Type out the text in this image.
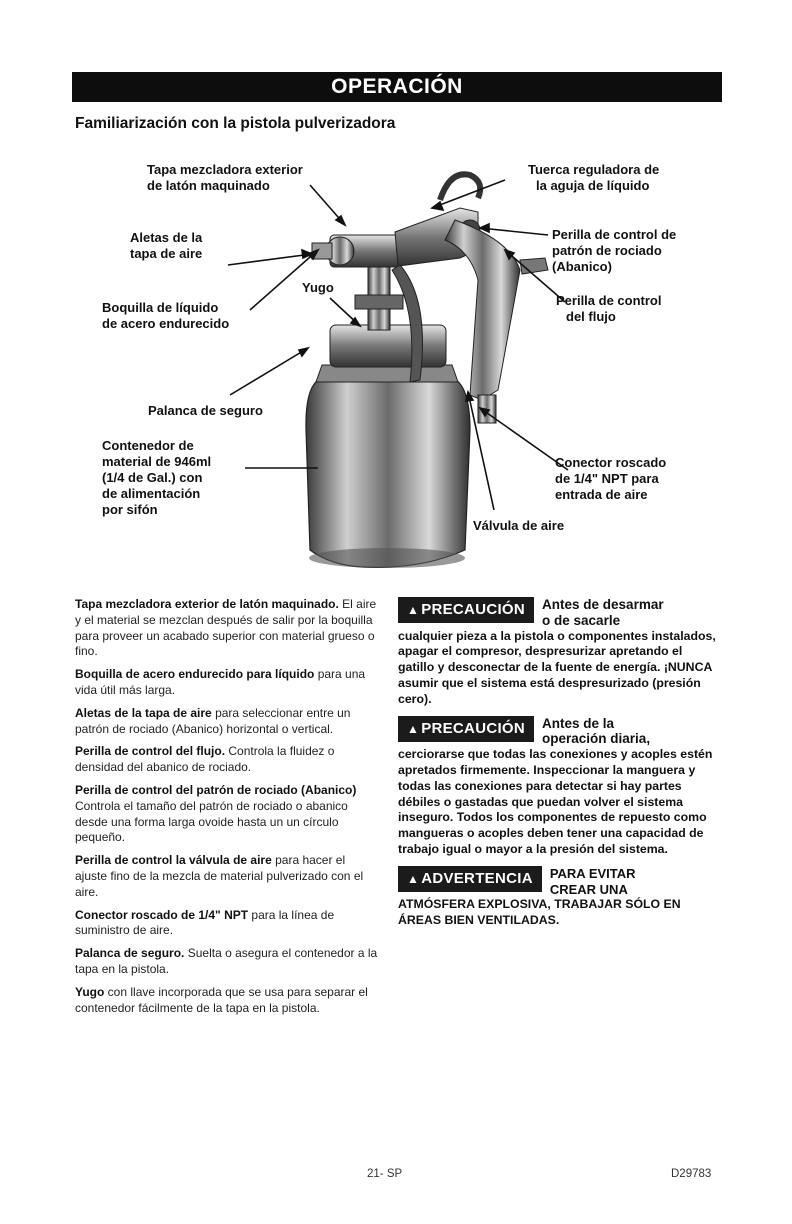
OPERACIÓN
Familiarización con la pistola pulverizadora
Tapa mezcladora exterior
de latón maquinado
Tuerca reguladora de
la aguja de líquido
Aletas de la
tapa de aire
Perilla de control de
patrón de rociado
(Abanico)
Yugo
Boquilla de líquido
de acero endurecido
Perilla de control
del flujo
Palanca de seguro
Contenedor de
material de 946ml
(1/4 de Gal.) con
de alimentación
por sifón
Conector roscado
de 1/4" NPT para
entrada de aire
Válvula de aire

Tapa mezcladora exterior de latón maquinado. El aire y el material se mezclan después de salir por la boquilla para proveer un acabado superior con material grueso o fino.

Boquilla de acero endurecido para líquido para una vida útil más larga.

Aletas de la tapa de aire para seleccionar entre un patrón de rociado (Abanico) horizontal o vertical.

Perilla de control del flujo. Controla la fluidez o densidad del abanico de rociado.

Perilla de control del patrón de rociado (Abanico) Controla el tamaño del patrón de rociado o abanico desde una forma larga ovoide hasta un un círculo pequeño.

Perilla de control la válvula de aire para hacer el ajuste fino de la mezcla de material pulverizado con el aire.

Conector roscado de 1/4" NPT para la línea de suministro de aire.

Palanca de seguro. Suelta o asegura el contenedor a la tapa en la pistola.

Yugo con llave incorporada que se usa para separar el contenedor fácilmente de la tapa en la pistola.

▲ PRECAUCIÓN	Antes de desarmar
o de sacarle
cualquier pieza a la pistola o componentes instalados, apagar el compresor, despresurizar apretando el gatillo y desconectar de la fuente de energía. ¡NUNCA asumir que el sistema está despresurizado (presión cero).
▲ PRECAUCIÓN	Antes de la
operación diaria,
cerciorarse que todas las conexiones y acoples estén apretados firmemente. Inspeccionar la manguera y todas las conexiones para detectar si hay partes débiles o gastadas que puedan volver el sistema inseguro. Todos los componentes de repuesto como mangueras o acoples deben tener una capacidad de trabajo igual o mayor a la presión del sistema.
▲ ADVERTENCIA	PARA EVITAR
CREAR UNA
ATMÓSFERA EXPLOSIVA, TRABAJAR SÓLO EN ÁREAS BIEN VENTILADAS.
21- SP	D29783
